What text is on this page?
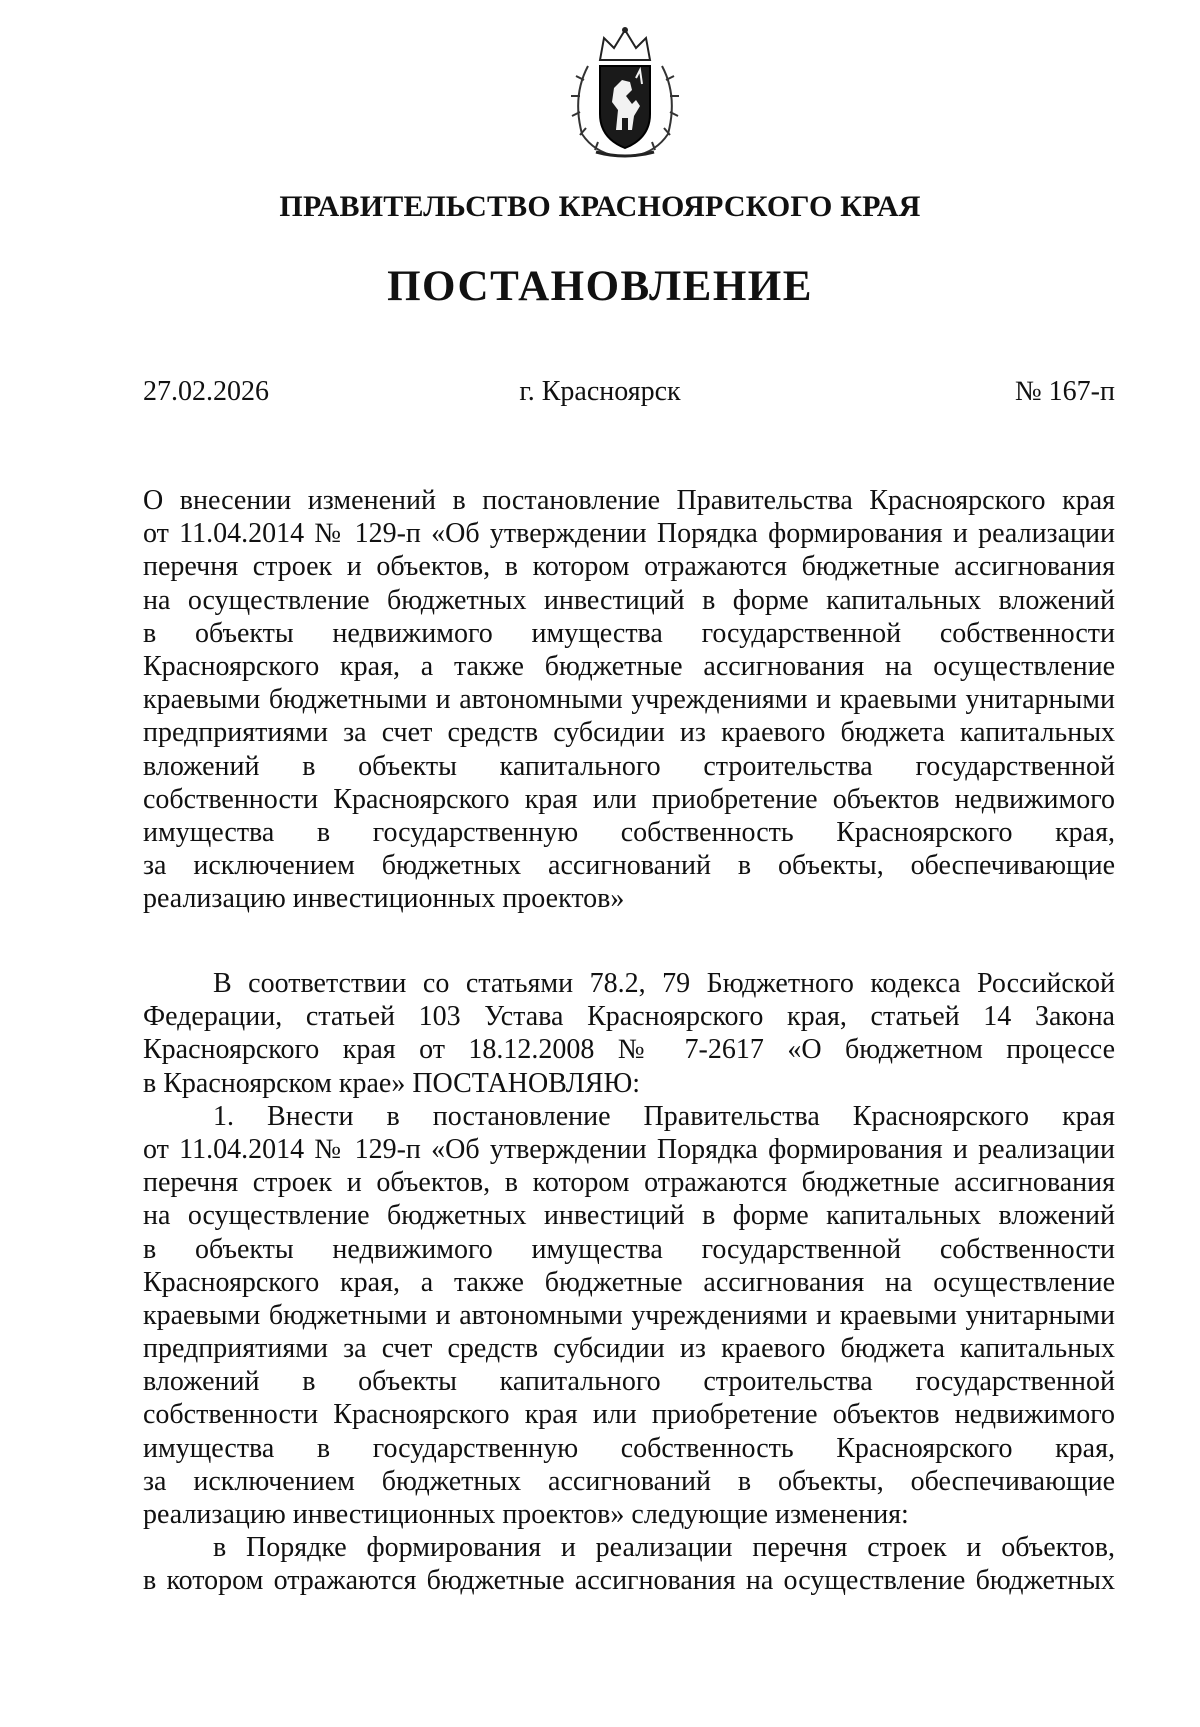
ПРАВИТЕЛЬСТВО КРАСНОЯРСКОГО КРАЯ
ПОСТАНОВЛЕНИЕ
27.02.2026	г. Красноярск	№ 167-п
О внесении изменений в постановление Правительства Красноярского края
от 11.04.2014 № 129-п «Об утверждении Порядка формирования и реализации
перечня строек и объектов, в котором отражаются бюджетные ассигнования
на осуществление бюджетных инвестиций в форме капитальных вложений
в объекты недвижимого имущества государственной собственности
Красноярского края, а также бюджетные ассигнования на осуществление
краевыми бюджетными и автономными учреждениями и краевыми унитарными
предприятиями за счет средств субсидии из краевого бюджета капитальных
вложений в объекты капитального строительства государственной
собственности Красноярского края или приобретение объектов недвижимого
имущества в государственную собственность Красноярского края,
за исключением бюджетных ассигнований в объекты, обеспечивающие
реализацию инвестиционных проектов»
В соответствии со статьями 78.2, 79 Бюджетного кодекса Российской
Федерации, статьей 103 Устава Красноярского края, статьей 14 Закона
Красноярского края от 18.12.2008 № 7-2617 «О бюджетном процессе
в Красноярском крае» ПОСТАНОВЛЯЮ:
1. Внести в постановление Правительства Красноярского края
от 11.04.2014 № 129-п «Об утверждении Порядка формирования и реализации
перечня строек и объектов, в котором отражаются бюджетные ассигнования
на осуществление бюджетных инвестиций в форме капитальных вложений
в объекты недвижимого имущества государственной собственности
Красноярского края, а также бюджетные ассигнования на осуществление
краевыми бюджетными и автономными учреждениями и краевыми унитарными
предприятиями за счет средств субсидии из краевого бюджета капитальных
вложений в объекты капитального строительства государственной
собственности Красноярского края или приобретение объектов недвижимого
имущества в государственную собственность Красноярского края,
за исключением бюджетных ассигнований в объекты, обеспечивающие
реализацию инвестиционных проектов» следующие изменения:
в Порядке формирования и реализации перечня строек и объектов,
в котором отражаются бюджетные ассигнования на осуществление бюджетных
